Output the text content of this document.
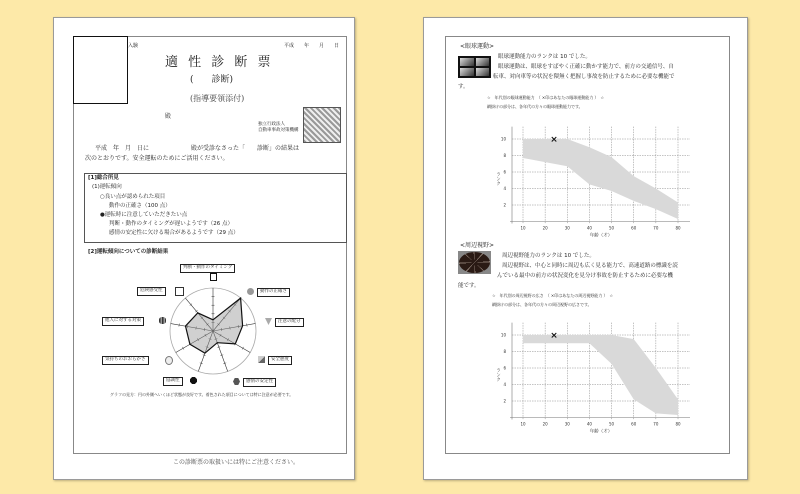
入験	平成　　年　　月　　日
適 性 診 断 票
(　　診断)
(指導要領添付)
殿
独立行政法人
自動車事故対策機構
平成　年　月　日に　　　　　　　殿が受診なさった「　　診断」の結果は
次のとおりです。安全運転のためにご活用ください。
[1]総合所見
(1)運転傾向
○良い点が認められた項目
動作の正確さ（100 点）
●運転時に注意していただきたい点
判断・動作のタイミングが遅いようです（26 点）
感情の安定性に欠ける場合があるようです（29 点）
[2]運転傾向についての診断結果
判断・動作のタイミング
動作の正確さ
注意の配分
安全態度
感情の安定性
協調性
気持ちのおおらかさ
他人に対する対策
危険感受性
グラフの見方：円の外側へいくほど状態が良好です。着色された項目については特に注意が必要です。
この診断票の取扱いには特にご注意ください。
<眼球運動>
眼球運動能力のランクは 10 でした。
眼球運動は、眼球をすばやく正確に動かす能力で、前方の交通信号、自
転車、対向車等の状況を隈無く把握し事故を防止するために必要な機能で
す。
☆　年代別の眼球運動能力　（ ×印はあなたの眼球運動能力 ）　☆
網掛けの部分は、各年代の方々の眼球運動能力です。
<周辺視野>
周辺視野能力のランクは 10 でした。
周辺視野は、中心と同時に周辺も広く見る能力で、高速道路の標識を読
んでいる最中の前方の状況変化を見分け事故を防止するために必要な機
能です。
☆　年代別の周辺視野の広さ　（ ×印はあなたの周辺視野能力 ）　☆
網掛けの部分は、各年代の方々の周辺視野の広さです。
10	20	30	40	50	60	70	80
2
4
6
8
10	×
ランク
年齢（才）
10	20	30	40	50	60	70	80
2
4
6
8
10	×
ランク
年齢（才）
